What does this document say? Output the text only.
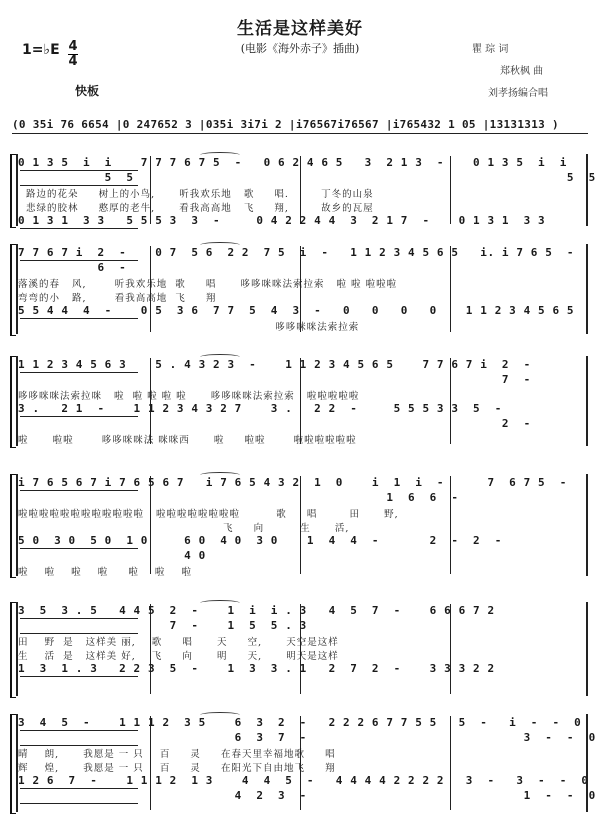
生活是这样美好
(电影《海外赤子》插曲)
1=♭E 4
4
快板
瞿 琮 词
郑秋枫 曲
刘孝扬编合唱
(0 35i 76 6654 |0 247652 3 |035i 3i7i 2 |i76567i76567 |i765432 1 05 |13131313 )
0 1 3 5  i  i    7 7 7 6 7 5  -   0 6 2 4 6 5   3  2 1 3  -    0 1 3 5  i  i
5  5                                                            5  5
路边的花朵     树上的小鸟,      听我欢乐地   歌     唱.        丁冬的山泉
悲绿的胶林     憨厚的老牛,      看我高高地   飞     翔,        故乡的瓦屋
0 1 3 1  3 3   5 5 5 3  3  -     0 4 2 2 4 4  3  2 1 7  -    0 1 3 1  3 3
7 7 6 7 i  2  -    0 7  5 6  2 2  7 5  i  -   1 1 2 3 4 5 6 5   i. i 7 6 5  -
6  -
落溪的春   风,       听我欢乐地  歌     唱      哆哆咪咪法索拉索   啦 啦 啦啦啦
弯弯的小   路,       看我高高地  飞     翔
5 5 4 4  4  -    0 5  3 6  7 7  5  4  3  -   0   0   0   0    1 1 2 3 4 5 6 5
哆哆咪咪法索拉索
1 1 2 3 4 5 6 3    5 . 4 3 2 3  -    1 1 2 3 4 5 6 5    7 7 6 7 i  2  -
7  -
哆哆咪咪法索拉咪   啦  啦 啦 啦 啦      哆哆咪咪法索拉索   啦啦啦啦啦
3 .   2 1  -    1 1 2 3 4 3 2 7    3 .   2 2  -     5 5 5 3 3  5  -
2  -
啦      啦啦       哆哆咪咪法 咪咪西      啦     啦啦       啦啦啦啦啦啦
i 7 6 5 6 7 i 7 6 5 6 7   i 7 6 5 4 3 2  1  0    i  1  i  -      7  6 7 5  -
1  6  6  -
啦啦啦啦啦啦啦啦啦啦啦啦   啦啦啦啦啦啦啦啦         歌     唱        田      野,
飞     向         生      活,
5 0  3 0  5 0  1 0     6 0  4 0  3 0    1  4  4  -       2  -  2  -
4 0
啦    啦    啦    啦     啦    啦    啦
3  5  3 . 5   4 4 5  2  -    1  i  i . 3   4  5  7  -    6 6 6 7 2
7  -    1  5  5 . 3
田    野  是   这样美 丽,    歌     唱      天     空,      天空是这样
生    活  是   这样美 好,    飞     向      明     天,      明天是这样
1  3  1 . 3   2 2 3  5  -    1  3  3 . 1   2  7  2  -    3 3 3 2 2
3  4  5  -    1 1 1 2  3 5    6  3  2  -   2 2 2 6 7 7 5 5   5  -   i  -  -  0
6  3  7  -                              3  -  -  0
晴    朗,      我愿是 一 只    百     灵     在春天里幸福地歌     唱
辉    煌,      我愿是 一 只    百     灵     在阳光下自由地飞     翔
1 2 6  7  -    1 1 1 2  1 3    4  4  5  -   4 4 4 4 2 2 2 2   3  -   3  -  -  0
4  2  3  -                              1  -  -  0
